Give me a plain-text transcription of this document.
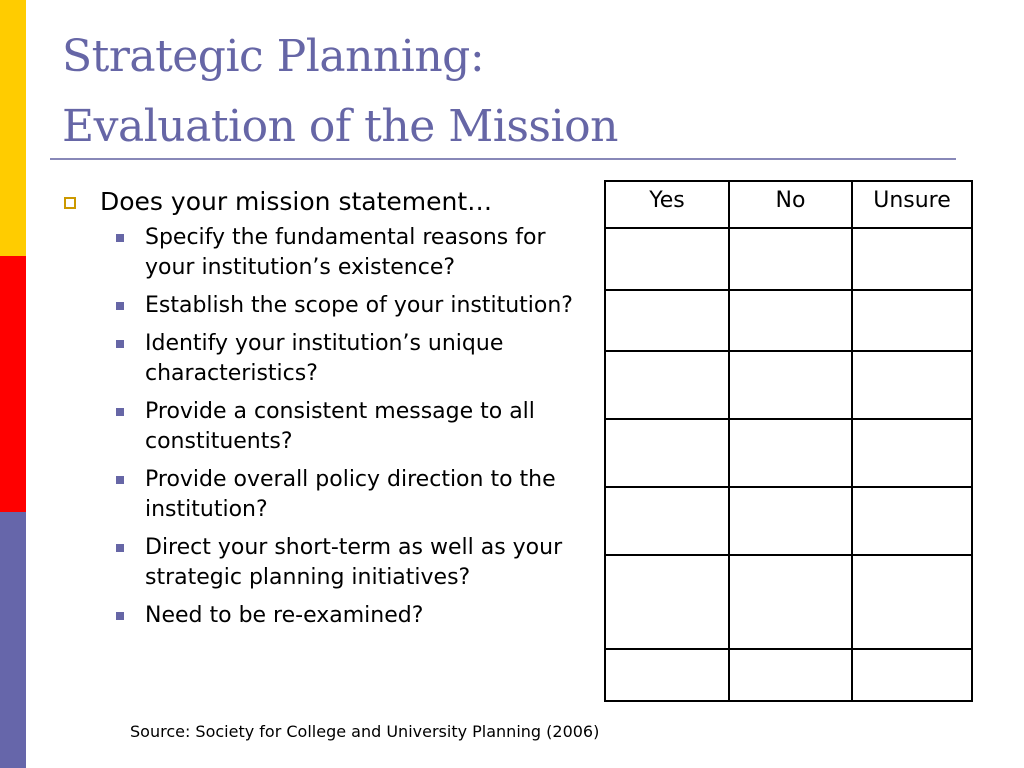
Strategic Planning:
Evaluation of the Mission
Does your mission statement…
Specify the fundamental reasons for your institution’s existence?
Establish the scope of your institution?
Identify your institution’s unique characteristics?
Provide a consistent message to all constituents?
Provide overall policy direction to the institution?
Direct your short-term as well as your strategic planning initiatives?
Need to be re-examined?
Yes	No	Unsure
Source: Society for College and University Planning (2006)
